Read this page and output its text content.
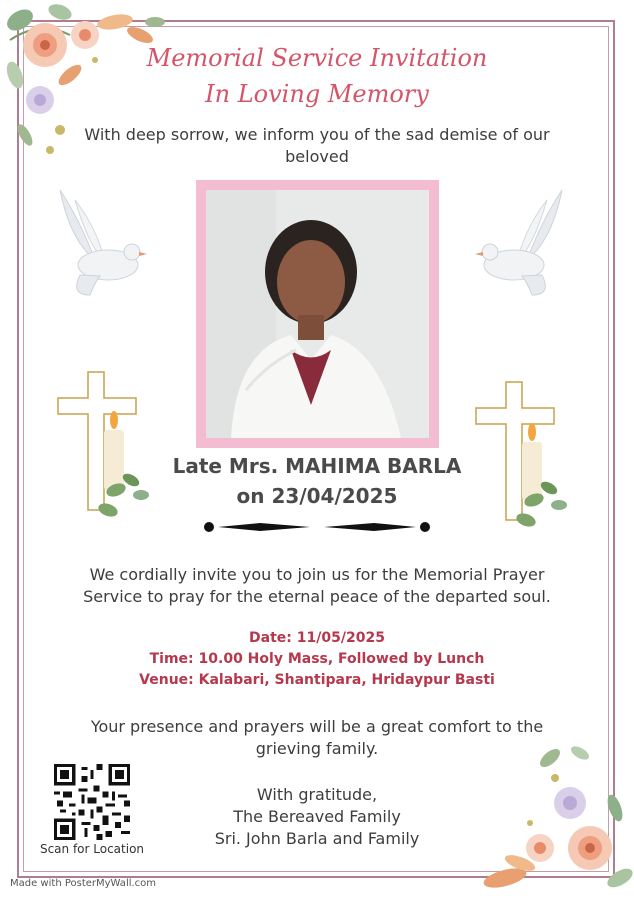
Memorial Service Invitation
In Loving Memory
With deep sorrow, we inform you of the sad demise of our beloved
Late Mrs. MAHIMA BARLA
on 23/04/2025
We cordially invite you to join us for the Memorial Prayer Service to pray for the eternal peace of the departed soul.
Date: 11/05/2025
Time: 10.00 Holy Mass, Followed by Lunch
Venue: Kalabari, Shantipara, Hridaypur Basti
Your presence and prayers will be a great comfort to the grieving family.
With gratitude,
The Bereaved Family
Sri. John Barla and Family
Scan for Location
Made with PosterMyWall.com
